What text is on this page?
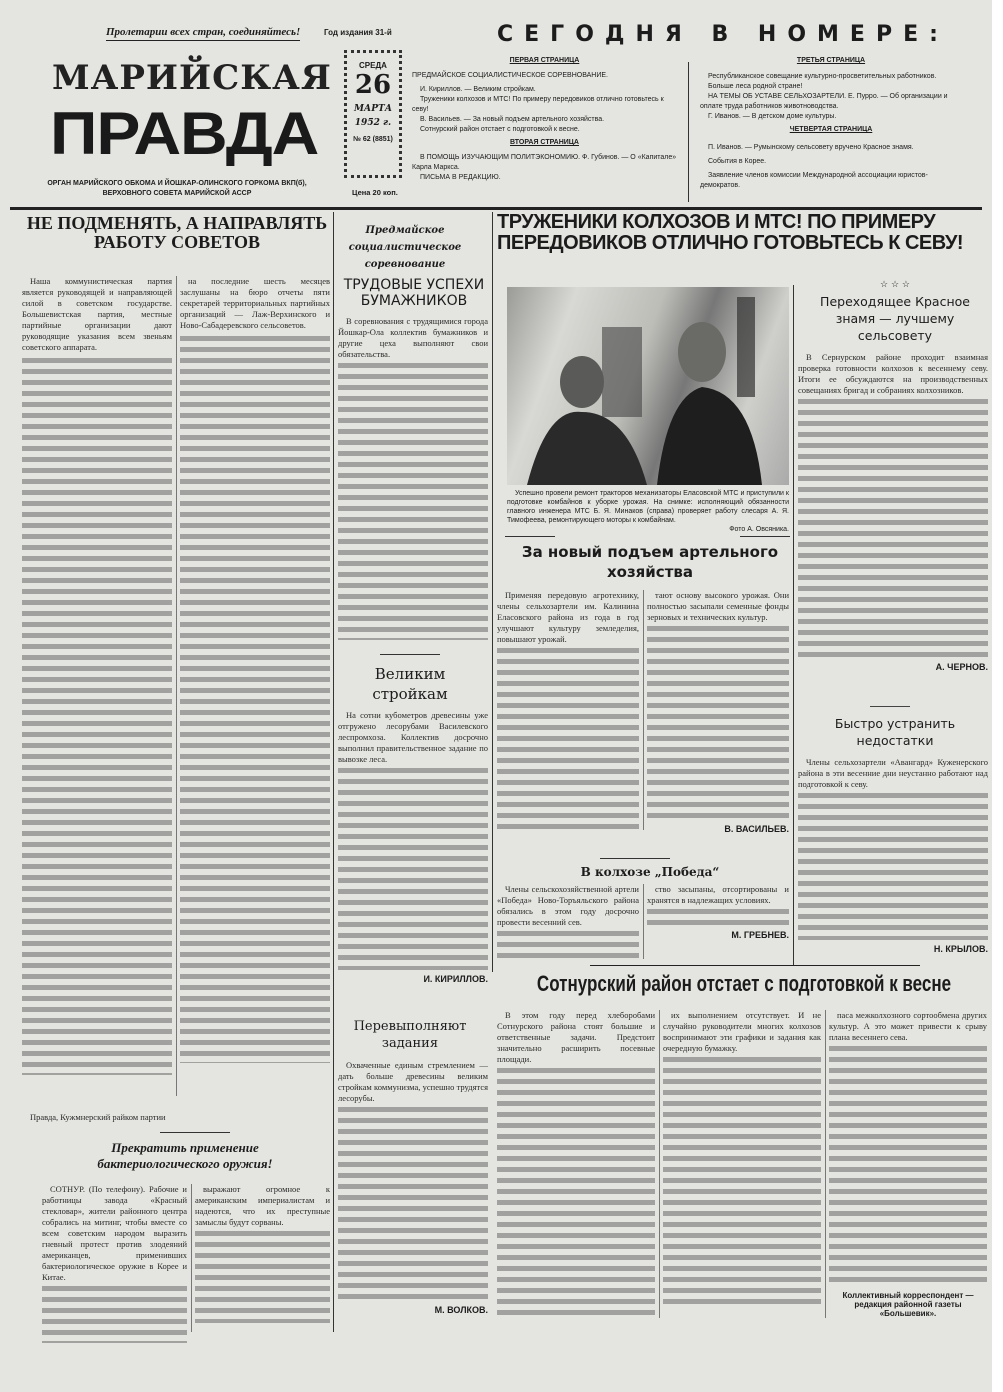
Пролетарии всех стран, соединяйтесь!	Год издания 31-й
МАРИЙСКАЯ
ПРАВДА
ОРГАН МАРИЙСКОГО ОБКОМА И ЙОШКАР-ОЛИНСКОГО ГОРКОМА ВКП(б),
ВЕРХОВНОГО СОВЕТА МАРИЙСКОЙ АССР
СРЕДА
26
МАРТА
1952 г.
№ 62 (8851)
Цена 20 коп.
СЕГОДНЯ В НОМЕРЕ:
ПЕРВАЯ СТРАНИЦА
ПРЕДМАЙСКОЕ СОЦИАЛИСТИЧЕСКОЕ СОРЕВНОВАНИЕ.
И. Кириллов. — Великим стройкам.
Труженики колхозов и МТС! По примеру передовиков отлично готовьтесь к севу!
В. Васильев. — За новый подъем артельного хозяйства.
Сотнурский район отстает с подготовкой к весне.
ВТОРАЯ СТРАНИЦА
В ПОМОЩЬ ИЗУЧАЮЩИМ ПОЛИТЭКОНОМИЮ. Ф. Губинов. — О «Капитале» Карла Маркса.
ПИСЬМА В РЕДАКЦИЮ.
ТРЕТЬЯ СТРАНИЦА
Республиканское совещание культурно-просветительных работников.
Больше леса родной стране!
НА ТЕМЫ ОБ УСТАВЕ СЕЛЬХОЗАРТЕЛИ. Е. Пурро. — Об организации и оплате труда работников животноводства.
Г. Иванов. — В детском доме культуры.
ЧЕТВЕРТАЯ СТРАНИЦА
П. Иванов. — Румынскому сельсовету вручено Красное знамя.
События в Корее.
Заявление членов комиссии Международной ассоциации юристов-демократов.
НЕ ПОДМЕНЯТЬ, А НАПРАВЛЯТЬ РАБОТУ СОВЕТОВ

Наша коммунистическая партия является руководящей и направляющей силой в советском государстве. Большевистская партия, местные партийные организации дают руководящие указания всем звеньям советского аппарата.

на последние шесть месяцев заслушаны на бюро отчеты пяти секретарей территориальных партийных организаций — Лаж-Верхинского и Ново-Сабадеревского сельсоветов.

Правда, Кужмнерский райком партии
Предмайское социалистическое соревнование
ТРУДОВЫЕ УСПЕХИ БУМАЖНИКОВ

В соревнования с трудящимися города Йошкар-Ола коллектив бумажников и другие цеха выполняют свои обязательства.

Великим стройкам

На сотни кубометров древесины уже отгружено лесорубами Василевского леспромхоза. Коллектив досрочно выполнил правительственное задание по вывозке леса.

И. КИРИЛЛОВ.
Перевыполняют задания

Охваченные единым стремлением — дать больше древесины великим стройкам коммунизма, успешно трудятся лесорубы.

М. ВОЛКОВ.
Прекратить применение бактериологического оружия!

СОТНУР. (По телефону). Рабочие и работницы завода «Красный стекловар», жители районного центра собрались на митинг, чтобы вместе со всем советским народом выразить гневный протест против злодеяний американцев, применивших бактериологическое оружие в Корее и Китае.

выражают огромное к американским империалистам и надеются, что их преступные замыслы будут сорваны.

ТРУЖЕНИКИ КОЛХОЗОВ И МТС! ПО ПРИМЕРУ ПЕРЕДОВИКОВ ОТЛИЧНО ГОТОВЬТЕСЬ К СЕВУ!
Успешно провели ремонт тракторов механизаторы Еласовской МТС и приступили к подготовке комбайнов к уборке урожая. На снимке: исполняющий обязанности главного инженера МТС Б. Я. Минаков (справа) проверяет работу слесаря А. Я. Тимофеева, ремонтирующего моторы к комбайнам.
Фото А. Овсяника.
За новый подъем артельного хозяйства

Применяя передовую агротехнику, члены сельхозартели им. Калинина Еласовского района из года в год улучшают культуру земледелия, повышают урожай.

тают основу высокого урожая. Они полностью засыпали семенные фонды зерновых и технических культур.

В. ВАСИЛЬЕВ.
В колхозе „Победа“

Члены сельскохозяйственной артели «Победа» Ново-Торъяльского района обязались в этом году досрочно провести весенний сев.

ство засыпаны, отсортированы и хранятся в надлежащих условиях.

М. ГРЕБНЕВ.
☆ ☆ ☆
Переходящее Красное знамя — лучшему сельсовету

В Сернурском районе проходит взаимная проверка готовности колхозов к весеннему севу. Итоги ее обсуждаются на производственных совещаниях бригад и собраниях колхозников.

А. ЧЕРНОВ.
Быстро устранить недостатки

Члены сельхозартели «Авангард» Куженерского района в эти весенние дни неустанно работают над подготовкой к севу.

Н. КРЫЛОВ.
Сотнурский район отстает с подготовкой к весне

В этом году перед хлеборобами Сотнурского района стоят большие и ответственные задачи. Предстоит значительно расширить посевные площади.

их выполнением отсутствует. И не случайно руководители многих колхозов воспринимают эти графики и задания как очередную бумажку.

паса межколхозного сортообмена других культур. А это может привести к срыву плана весеннего сева.

Коллективный корреспондент — редакция районной газеты «Большевик».
